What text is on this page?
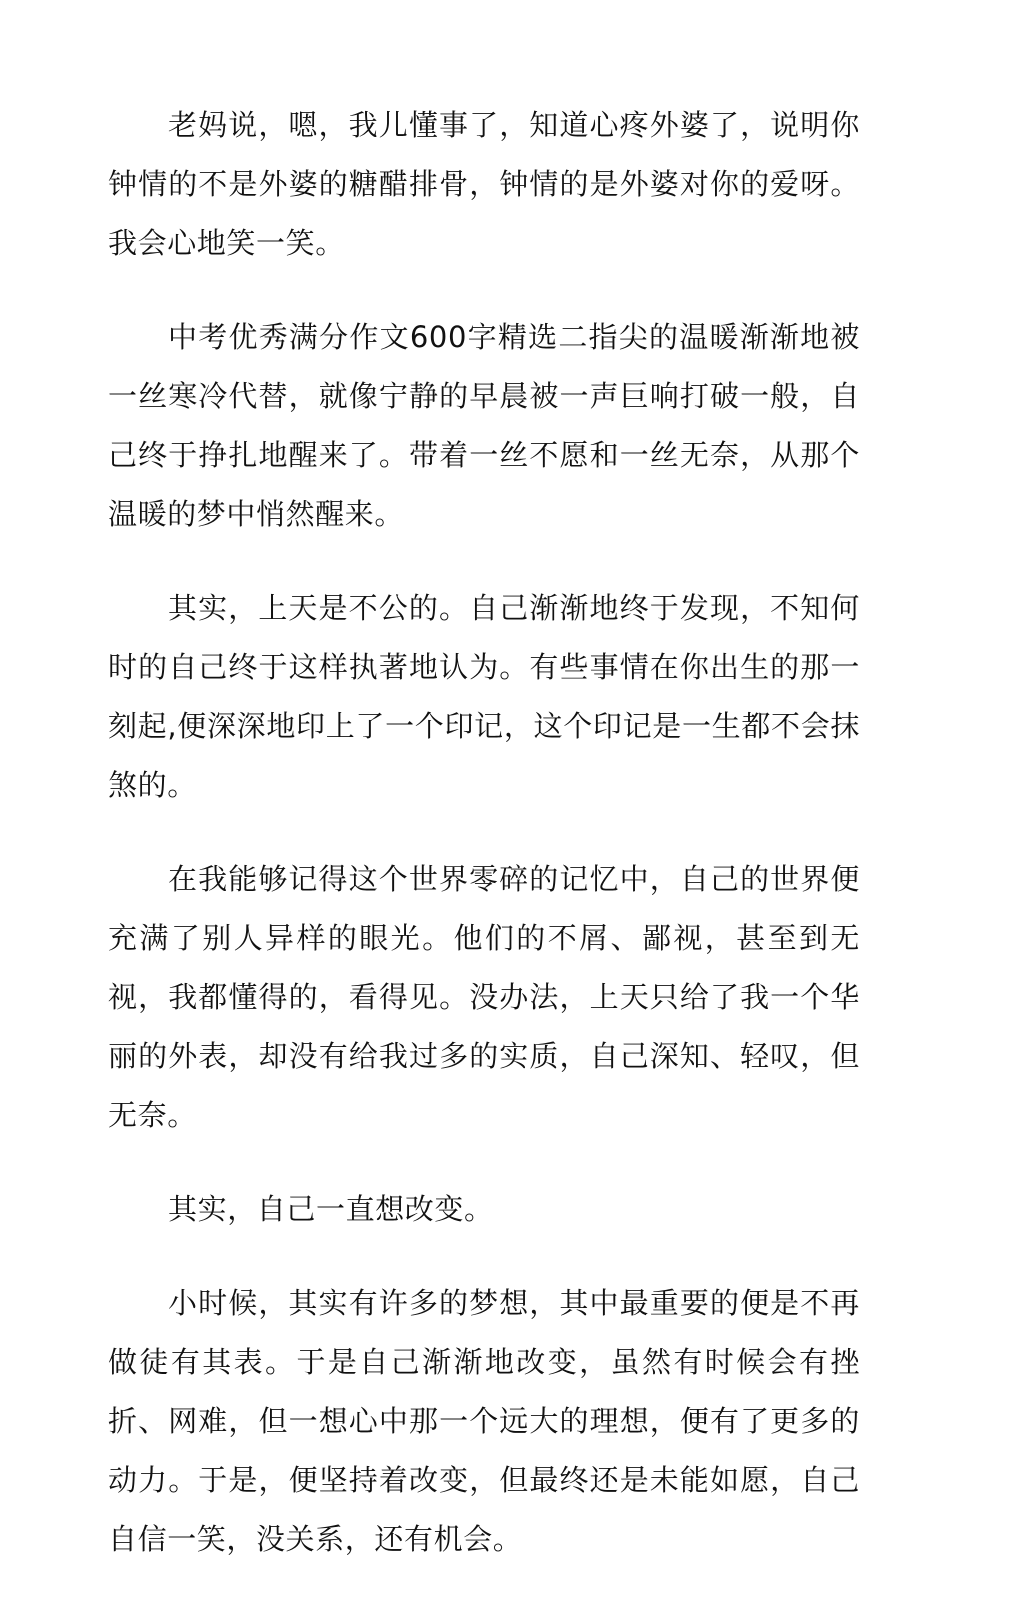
老妈说，嗯，我儿懂事了，知道心疼外婆了，说明你钟情的不是外婆的糖醋排骨，钟情的是外婆对你的爱呀。我会心地笑一笑。

中考优秀满分作文600字精选二指尖的温暖渐渐地被一丝寒冷代替，就像宁静的早晨被一声巨响打破一般，自己终于挣扎地醒来了。带着一丝不愿和一丝无奈，从那个温暖的梦中悄然醒来。

其实，上天是不公的。自己渐渐地终于发现，不知何时的自己终于这样执著地认为。有些事情在你出生的那一刻起,便深深地印上了一个印记，这个印记是一生都不会抹煞的。

在我能够记得这个世界零碎的记忆中，自己的世界便充满了别人异样的眼光。他们的不屑、鄙视，甚至到无视，我都懂得的，看得见。没办法，上天只给了我一个华丽的外表，却没有给我过多的实质，自己深知、轻叹，但无奈。

其实，自己一直想改变。

小时候，其实有许多的梦想，其中最重要的便是不再做徒有其表。于是自己渐渐地改变，虽然有时候会有挫折、网难，但一想心中那一个远大的理想，便有了更多的动力。于是，便坚持着改变，但最终还是未能如愿，自己自信一笑，没关系，还有机会。
